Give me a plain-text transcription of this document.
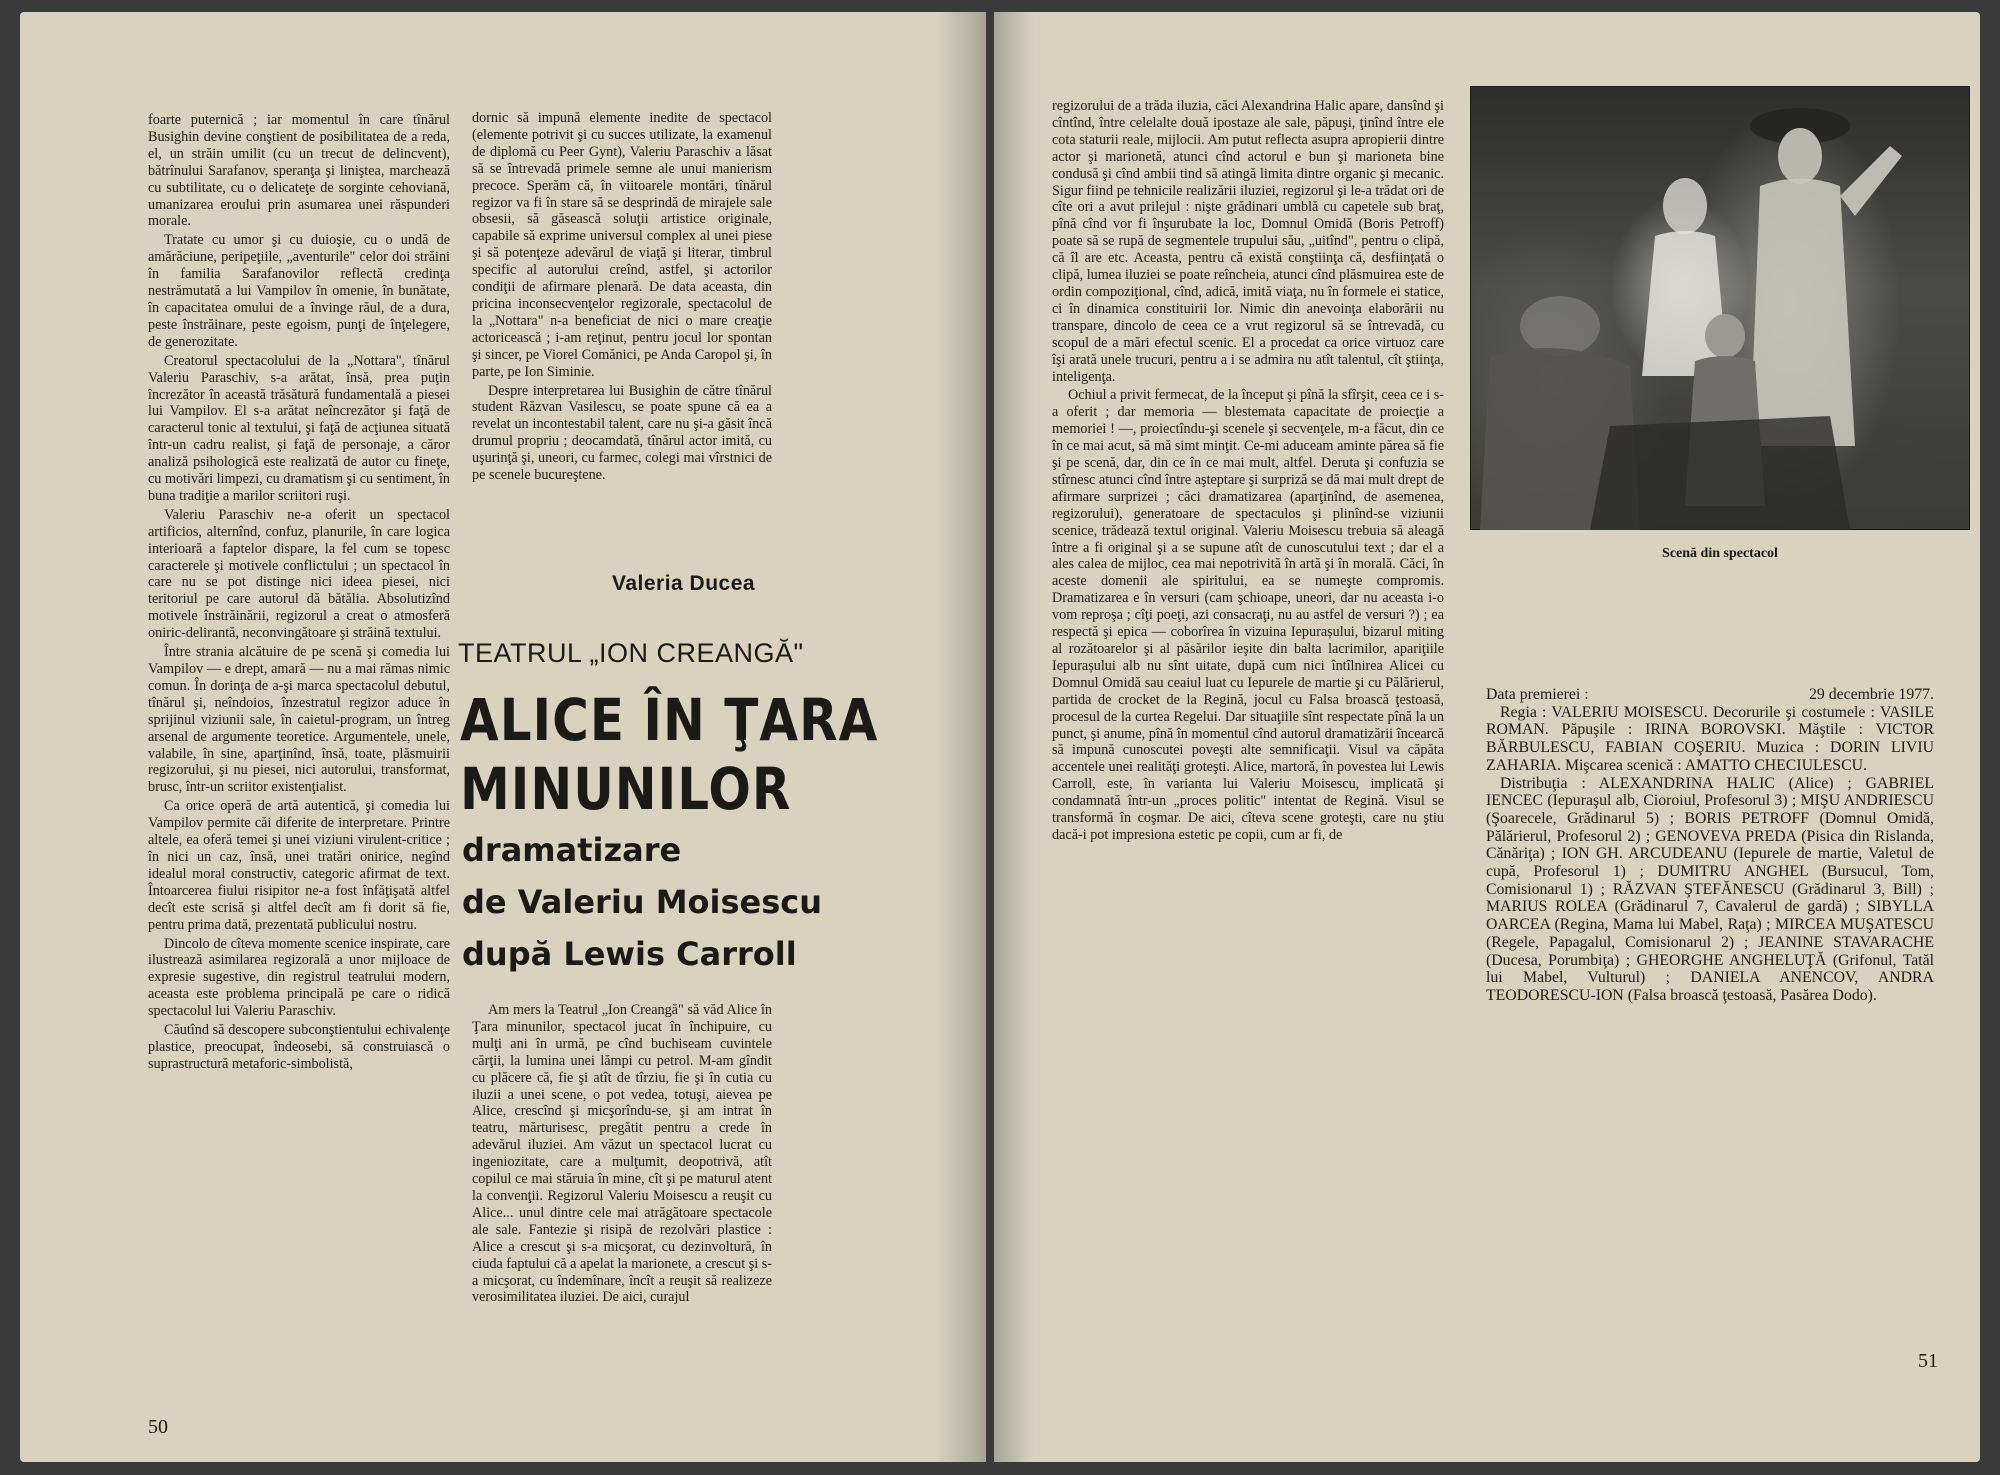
foarte puternică ; iar momentul în care tînărul Busighin devine conştient de posibilitatea de a reda, el, un străin umilit (cu un trecut de delincvent), bătrînului Sarafanov, speranţa şi liniştea, marchează cu subtilitate, cu o delicateţe de sorginte cehoviană, umanizarea eroului prin asumarea unei răspunderi morale.

Tratate cu umor şi cu duioşie, cu o undă de amărăciune, peripeţiile, „aventurile" celor doi străini în familia Sarafanovilor reflectă credinţa nestrămutată a lui Vampilov în omenie, în bunătate, în capacitatea omului de a învinge răul, de a dura, peste înstrăinare, peste egoism, punţi de înţelegere, de generozitate.

Creatorul spectacolului de la „Nottara", tînărul Valeriu Paraschiv, s-a arătat, însă, prea puţin încrezător în această trăsătură fundamentală a piesei lui Vampilov. El s-a arătat neîncrezător şi faţă de caracterul tonic al textului, şi faţă de acţiunea situată într-un cadru realist, şi faţă de personaje, a căror analiză psihologică este realizată de autor cu fineţe, cu motivări limpezi, cu dramatism şi cu sentiment, în buna tradiţie a marilor scriitori ruşi.

Valeriu Paraschiv ne-a oferit un spectacol artificios, alternînd, confuz, planurile, în care logica interioară a faptelor dispare, la fel cum se topesc caracterele şi motivele conflictului ; un spectacol în care nu se pot distinge nici ideea piesei, nici teritoriul pe care autorul dă bătălia. Absolutizînd motivele înstrăinării, regizorul a creat o atmosferă oniric-delirantă, neconvingătoare şi străină textului.

Între strania alcătuire de pe scenă şi comedia lui Vampilov — e drept, amară — nu a mai rămas nimic comun. În dorinţa de a-şi marca spectacolul debutul, tînărul şi, neîndoios, înzestratul regizor aduce în sprijinul viziunii sale, în caietul-program, un întreg arsenal de argumente teoretice. Argumentele, unele, valabile, în sine, aparţinînd, însă, toate, plăsmuirii regizorului, şi nu piesei, nici autorului, transformat, brusc, într-un scriitor existenţialist.

Ca orice operă de artă autentică, şi comedia lui Vampilov permite căi diferite de interpretare. Printre altele, ea oferă temei şi unei viziuni virulent-critice ; în nici un caz, însă, unei tratări onirice, negînd idealul moral constructiv, categoric afirmat de text. Întoarcerea fiului risipitor ne-a fost înfăţişată altfel decît este scrisă şi altfel decît am fi dorit să fie, pentru prima dată, prezentată publicului nostru.

Dincolo de cîteva momente scenice inspirate, care ilustrează asimilarea regizorală a unor mijloace de expresie sugestive, din registrul teatrului modern, aceasta este problema principală pe care o ridică spectacolul lui Valeriu Paraschiv.

Căutînd să descopere subconştientului echivalenţe plastice, preocupat, îndeosebi, să construiască o suprastructură metaforic-simbolistă,

dornic să impună elemente inedite de spectacol (elemente potrivit şi cu succes utilizate, la examenul de diplomă cu Peer Gynt), Valeriu Paraschiv a lăsat să se întrevadă primele semne ale unui manierism precoce. Sperăm că, în viitoarele montări, tînărul regizor va fi în stare să se desprindă de mirajele sale obsesii, să găsească soluţii artistice originale, capabile să exprime universul complex al unei piese şi să potenţeze adevărul de viaţă şi literar, timbrul specific al autorului creînd, astfel, şi actorilor condiţii de afirmare plenară. De data aceasta, din pricina inconsecvenţelor regizorale, spectacolul de la „Nottara" n-a beneficiat de nici o mare creaţie actoricească ; i-am reţinut, pentru jocul lor spontan şi sincer, pe Viorel Comănici, pe Anda Caropol şi, în parte, pe Ion Siminie.

Despre interpretarea lui Busighin de către tînărul student Răzvan Vasilescu, se poate spune că ea a revelat un incontestabil talent, care nu şi-a găsit încă drumul propriu ; deocamdată, tînărul actor imită, cu uşurinţă şi, uneori, cu farmec, colegi mai vîrstnici de pe scenele bucureştene.

Valeria Ducea
TEATRUL „ION CREANGĂ"
ALICE ÎN ŢARA
MINUNILOR
dramatizare
de Valeriu Moisescu
după Lewis Carroll

Am mers la Teatrul „Ion Creangă" să văd Alice în Ţara minunilor, spectacol jucat în închipuire, cu mulţi ani în urmă, pe cînd buchiseam cuvintele cărţii, la lumina unei lămpi cu petrol. M-am gîndit cu plăcere că, fie şi atît de tîrziu, fie şi în cutia cu iluzii a unei scene, o pot vedea, totuşi, aievea pe Alice, crescînd şi micşorîndu-se, şi am intrat în teatru, mărturisesc, pregătit pentru a crede în adevărul iluziei. Am văzut un spectacol lucrat cu ingeniozitate, care a mulţumit, deopotrivă, atît copilul ce mai stăruia în mine, cît şi pe maturul atent la convenţii. Regizorul Valeriu Moisescu a reuşit cu Alice... unul dintre cele mai atrăgătoare spectacole ale sale. Fantezie şi risipă de rezolvări plastice : Alice a crescut şi s-a micşorat, cu dezinvoltură, în ciuda faptului că a apelat la marionete, a crescut şi s-a micşorat, cu îndemînare, încît a reuşit să realizeze verosimilitatea iluziei. De aici, curajul

50

regizorului de a trăda iluzia, căci Alexandrina Halic apare, dansînd şi cîntînd, între celelalte două ipostaze ale sale, păpuşi, ţinînd între ele cota staturii reale, mijlocii. Am putut reflecta asupra apropierii dintre actor şi marionetă, atunci cînd actorul e bun şi marioneta bine condusă şi cînd ambii tind să atingă limita dintre organic şi mecanic. Sigur fiind pe tehnicile realizării iluziei, regizorul şi le-a trădat ori de cîte ori a avut prilejul : nişte grădinari umblă cu capetele sub braţ, pînă cînd vor fi înşurubate la loc, Domnul Omidă (Boris Petroff) poate să se rupă de segmentele trupului său, „uitînd", pentru o clipă, că îl are etc. Aceasta, pentru că există conştiinţa că, desfiinţată o clipă, lumea iluziei se poate reîncheia, atunci cînd plăsmuirea este de ordin compoziţional, cînd, adică, imită viaţa, nu în formele ei statice, ci în dinamica constituirii lor. Nimic din anevoinţa elaborării nu transpare, dincolo de ceea ce a vrut regizorul să se întrevadă, cu scopul de a mări efectul scenic. El a procedat ca orice virtuoz care îşi arată unele trucuri, pentru a i se admira nu atît talentul, cît ştiinţa, inteligenţa.

Ochiul a privit fermecat, de la început şi pînă la sfîrşit, ceea ce i s-a oferit ; dar memoria — blestemata capacitate de proiecţie a memoriei ! —, proiectîndu-şi scenele şi secvenţele, m-a făcut, din ce în ce mai acut, să mă simt minţit. Ce-mi aduceam aminte părea să fie şi pe scenă, dar, din ce în ce mai mult, altfel. Deruta şi confuzia se stîrnesc atunci cînd între aşteptare şi surpriză se dă mai mult drept de afirmare surprizei ; căci dramatizarea (aparţinînd, de asemenea, regizorului), generatoare de spectaculos şi plinînd-se viziunii scenice, trădează textul original. Valeriu Moisescu trebuia să aleagă între a fi original şi a se supune atît de cunoscutului text ; dar el a ales calea de mijloc, cea mai nepotrivită în artă şi în morală. Căci, în aceste domenii ale spiritului, ea se numeşte compromis. Dramatizarea e în versuri (cam şchioape, uneori, dar nu aceasta i-o vom reproşa ; cîţi poeţi, azi consacraţi, nu au astfel de versuri ?) ; ea respectă şi epica — coborîrea în vizuina Iepurașului, bizarul miting al rozătoarelor şi al păsărilor ieşite din balta lacrimilor, apariţiile Iepurașului alb nu sînt uitate, după cum nici întîlnirea Alicei cu Domnul Omidă sau ceaiul luat cu Iepurele de martie şi cu Pălărierul, partida de crocket de la Regină, jocul cu Falsa broască ţestoasă, procesul de la curtea Regelui. Dar situaţiile sînt respectate pînă la un punct, şi anume, pînă în momentul cînd autorul dramatizării încearcă să impună cunoscutei poveşti alte semnificaţii. Visul va căpăta accentele unei realităţi groteşti. Alice, martoră, în povestea lui Lewis Carroll, este, în varianta lui Valeriu Moisescu, implicată şi condamnată într-un „proces politic" intentat de Regină. Visul se transformă în coşmar. De aici, cîteva scene groteşti, care nu ştiu dacă-i pot impresiona estetic pe copii, cum ar fi, de

Scenă din spectacol
Data premierei :	29 decembrie 1977.
Regia : VALERIU MOISESCU. Decorurile şi costumele : VASILE ROMAN. Păpuşile : IRINA BOROVSKI. Măştile : VICTOR BĂRBULESCU, FABIAN COŞERIU. Muzica : DORIN LIVIU ZAHARIA. Mişcarea scenică : AMATTO CHECIULESCU.
Distribuţia : ALEXANDRINA HALIC (Alice) ; GABRIEL IENCEC (Iepuraşul alb, Cioroiul, Profesorul 3) ; MIŞU ANDRIESCU (Şoarecele, Grădinarul 5) ; BORIS PETROFF (Domnul Omidă, Pălărierul, Profesorul 2) ; GENOVEVA PREDA (Pisica din Rislanda, Cănăriţa) ; ION GH. ARCUDEANU (Iepurele de martie, Valetul de cupă, Profesorul 1) ; DUMITRU ANGHEL (Bursucul, Tom, Comisionarul 1) ; RĂZVAN ŞTEFĂNESCU (Grădinarul 3, Bill) ; MARIUS ROLEA (Grădinarul 7, Cavalerul de gardă) ; SIBYLLA OARCEA (Regina, Mama lui Mabel, Raţa) ; MIRCEA MUŞATESCU (Regele, Papagalul, Comisionarul 2) ; JEANINE STAVARACHE (Ducesa, Porumbiţa) ; GHEORGHE ANGHELUŢĂ (Grifonul, Tatăl lui Mabel, Vulturul) ; DANIELA ANENCOV, ANDRA TEODORESCU-ION (Falsa broască ţestoasă, Pasărea Dodo).
51
